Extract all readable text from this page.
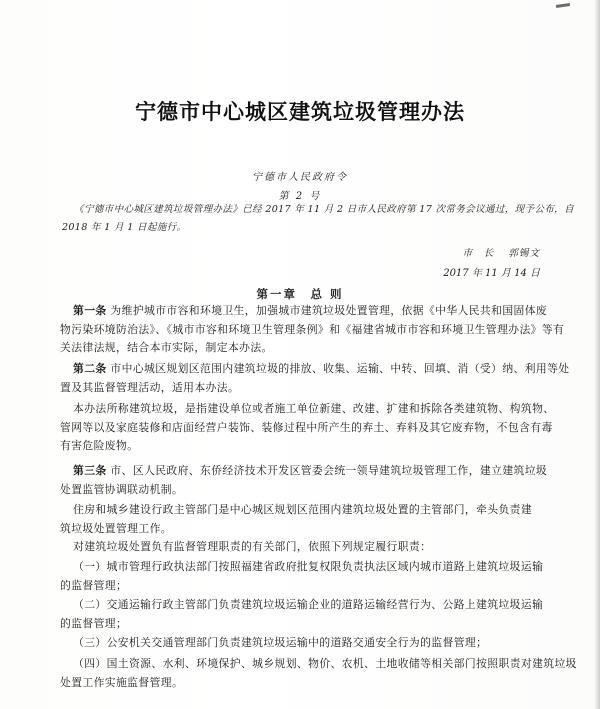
宁德市中心城区建筑垃圾管理办法
宁德市人民政府令
第 2 号
《宁德市中心城区建筑垃圾管理办法》已经 2017 年 11 月 2 日市人民政府第 17 次常务会议通过，现予公布，自
2018 年 1 月 1 日起施行。
市　长 郭锡文
2017 年 11 月 14 日
第一章　总 则
第一条 为维护城市市容和环境卫生，加强城市建筑垃圾处置管理，依据《中华人民共和国固体废
物污染环境防治法》、《城市市容和环境卫生管理条例》和《福建省城市市容和环境卫生管理办法》等有
关法律法规，结合本市实际，制定本办法。
第二条 市中心城区规划区范围内建筑垃圾的排放、收集、运输、中转、回填、消（受）纳、利用等处
置及其监督管理活动，适用本办法。
本办法所称建筑垃圾，是指建设单位或者施工单位新建、改建、扩建和拆除各类建筑物、构筑物、
管网等以及家庭装修和店面经营户装饰、装修过程中所产生的弃土、弃料及其它废弃物，不包含有毒
有害危险废物。
第三条 市、区人民政府、东侨经济技术开发区管委会统一领导建筑垃圾管理工作，建立建筑垃圾
处置监管协调联动机制。
住房和城乡建设行政主管部门是中心城区规划区范围内建筑垃圾处置的主管部门，牵头负责建
筑垃圾处置管理工作。
对建筑垃圾处置负有监督管理职责的有关部门，依照下列规定履行职责：
（一）城市管理行政执法部门按照福建省政府批复权限负责执法区域内城市道路上建筑垃圾运输
的监督管理；
（二）交通运输行政主管部门负责建筑垃圾运输企业的道路运输经营行为、公路上建筑垃圾运输
的监督管理；
（三）公安机关交通管理部门负责建筑垃圾运输中的道路交通安全行为的监督管理；
（四）国土资源、水利、环境保护、城乡规划、物价、农机、土地收储等相关部门按照职责对建筑垃圾
处置工作实施监督管理。
